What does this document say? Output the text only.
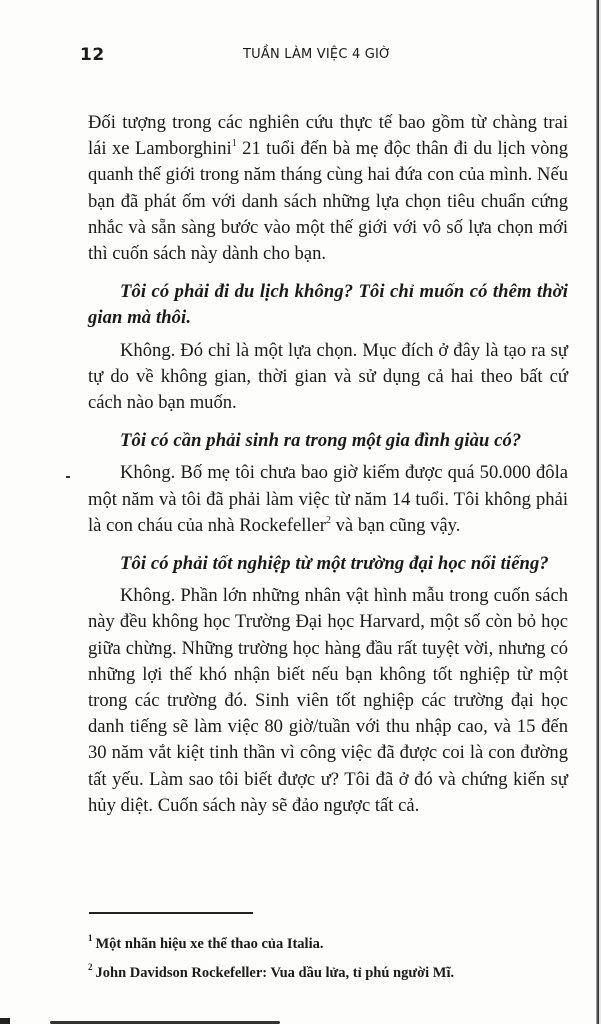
12	TUẦN LÀM VIỆC 4 GIỜ

Đối tượng trong các nghiên cứu thực tế bao gồm từ chàng trai lái xe Lamborghini$^1$ 21 tuổi đến bà mẹ độc thân đi du lịch vòng quanh thế giới trong năm tháng cùng hai đứa con của mình. Nếu bạn đã phát ốm với danh sách những lựa chọn tiêu chuẩn cứng nhắc và sẵn sàng bước vào một thế giới với vô số lựa chọn mới thì cuốn sách này dành cho bạn.

Tôi có phải đi du lịch không? Tôi chỉ muốn có thêm thời gian mà thôi.

Không. Đó chỉ là một lựa chọn. Mục đích ở đây là tạo ra sự tự do về không gian, thời gian và sử dụng cả hai theo bất cứ cách nào bạn muốn.

Tôi có cần phải sinh ra trong một gia đình giàu có?

Không. Bố mẹ tôi chưa bao giờ kiếm được quá 50.000 đôla một năm và tôi đã phải làm việc từ năm 14 tuổi. Tôi không phải là con cháu của nhà Rockefeller$^2$ và bạn cũng vậy.

Tôi có phải tốt nghiệp từ một trường đại học nổi tiếng?

Không. Phần lớn những nhân vật hình mẫu trong cuốn sách này đều không học Trường Đại học Harvard, một số còn bỏ học giữa chừng. Những trường học hàng đầu rất tuyệt vời, nhưng có những lợi thế khó nhận biết nếu bạn không tốt nghiệp từ một trong các trường đó. Sinh viên tốt nghiệp các trường đại học danh tiếng sẽ làm việc 80 giờ/tuần với thu nhập cao, và 15 đến 30 năm vắt kiệt tinh thần vì công việc đã được coi là con đường tất yếu. Làm sao tôi biết được ư? Tôi đã ở đó và chứng kiến sự hủy diệt. Cuốn sách này sẽ đảo ngược tất cả.

$^1$ Một nhãn hiệu xe thể thao của Italia.

$^2$ John Davidson Rockefeller: Vua dầu lửa, tỉ phú người Mĩ.
